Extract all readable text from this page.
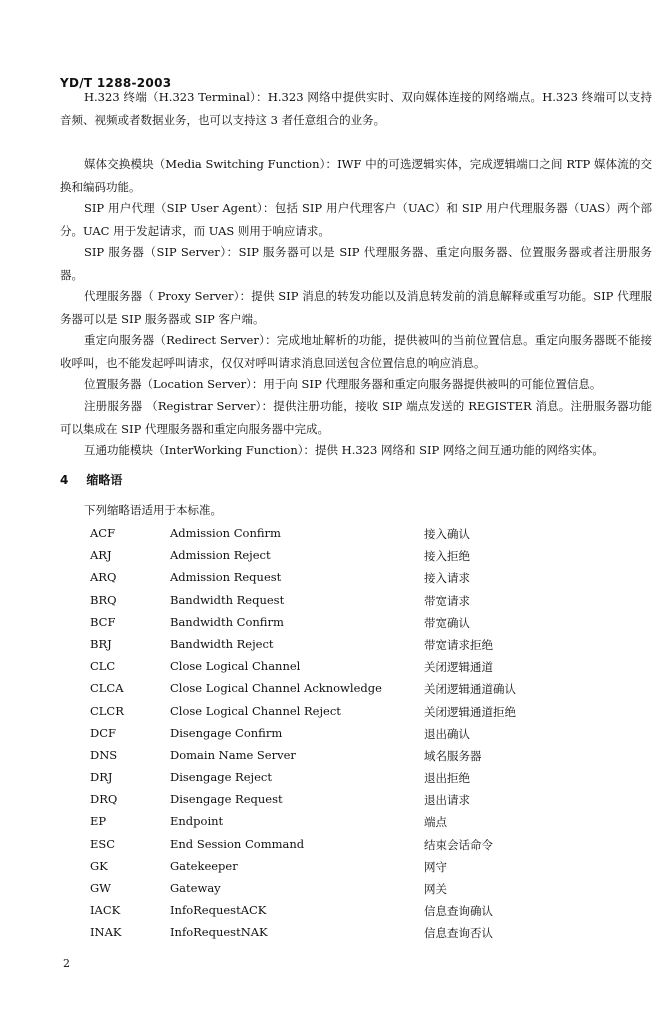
YD/T 1288-2003

H.323 终端（H.323 Terminal）：H.323 网络中提供实时、双向媒体连接的网络端点。H.323 终端可以支持音频、视频或者数据业务，也可以支持这 3 者任意组合的业务。

媒体交换模块（Media Switching Function）：IWF 中的可选逻辑实体，完成逻辑端口之间 RTP 媒体流的交换和编码功能。

SIP 用户代理（SIP User Agent）：包括 SIP 用户代理客户（UAC）和 SIP 用户代理服务器（UAS）两个部分。UAC 用于发起请求，而 UAS 则用于响应请求。

SIP 服务器（SIP Server）：SIP 服务器可以是 SIP 代理服务器、重定向服务器、位置服务器或者注册服务器。

代理服务器（ Proxy Server）：提供 SIP 消息的转发功能以及消息转发前的消息解释或重写功能。SIP 代理服务器可以是 SIP 服务器或 SIP 客户端。

重定向服务器（Redirect Server）：完成地址解析的功能，提供被叫的当前位置信息。重定向服务器既不能接收呼叫，也不能发起呼叫请求，仅仅对呼叫请求消息回送包含位置信息的响应消息。

位置服务器（Location Server）：用于向 SIP 代理服务器和重定向服务器提供被叫的可能位置信息。

注册服务器 （Registrar Server）：提供注册功能，接收 SIP 端点发送的 REGISTER 消息。注册服务器功能可以集成在 SIP 代理服务器和重定向服务器中完成。

互通功能模块（InterWorking Function）：提供 H.323 网络和 SIP 网络之间互通功能的网络实体。

4 缩略语
下列缩略语适用于本标准。
ACF	Admission Confirm	接入确认
ARJ	Admission Reject	接入拒绝
ARQ	Admission Request	接入请求
BRQ	Bandwidth Request	带宽请求
BCF	Bandwidth Confirm	带宽确认
BRJ	Bandwidth Reject	带宽请求拒绝
CLC	Close Logical Channel	关闭逻辑通道
CLCA	Close Logical Channel Acknowledge	关闭逻辑通道确认
CLCR	Close Logical Channel Reject	关闭逻辑通道拒绝
DCF	Disengage Confirm	退出确认
DNS	Domain Name Server	域名服务器
DRJ	Disengage Reject	退出拒绝
DRQ	Disengage Request	退出请求
EP	Endpoint	端点
ESC	End Session Command	结束会话命令
GK	Gatekeeper	网守
GW	Gateway	网关
IACK	InfoRequestACK	信息查询确认
INAK	InfoRequestNAK	信息查询否认
2
